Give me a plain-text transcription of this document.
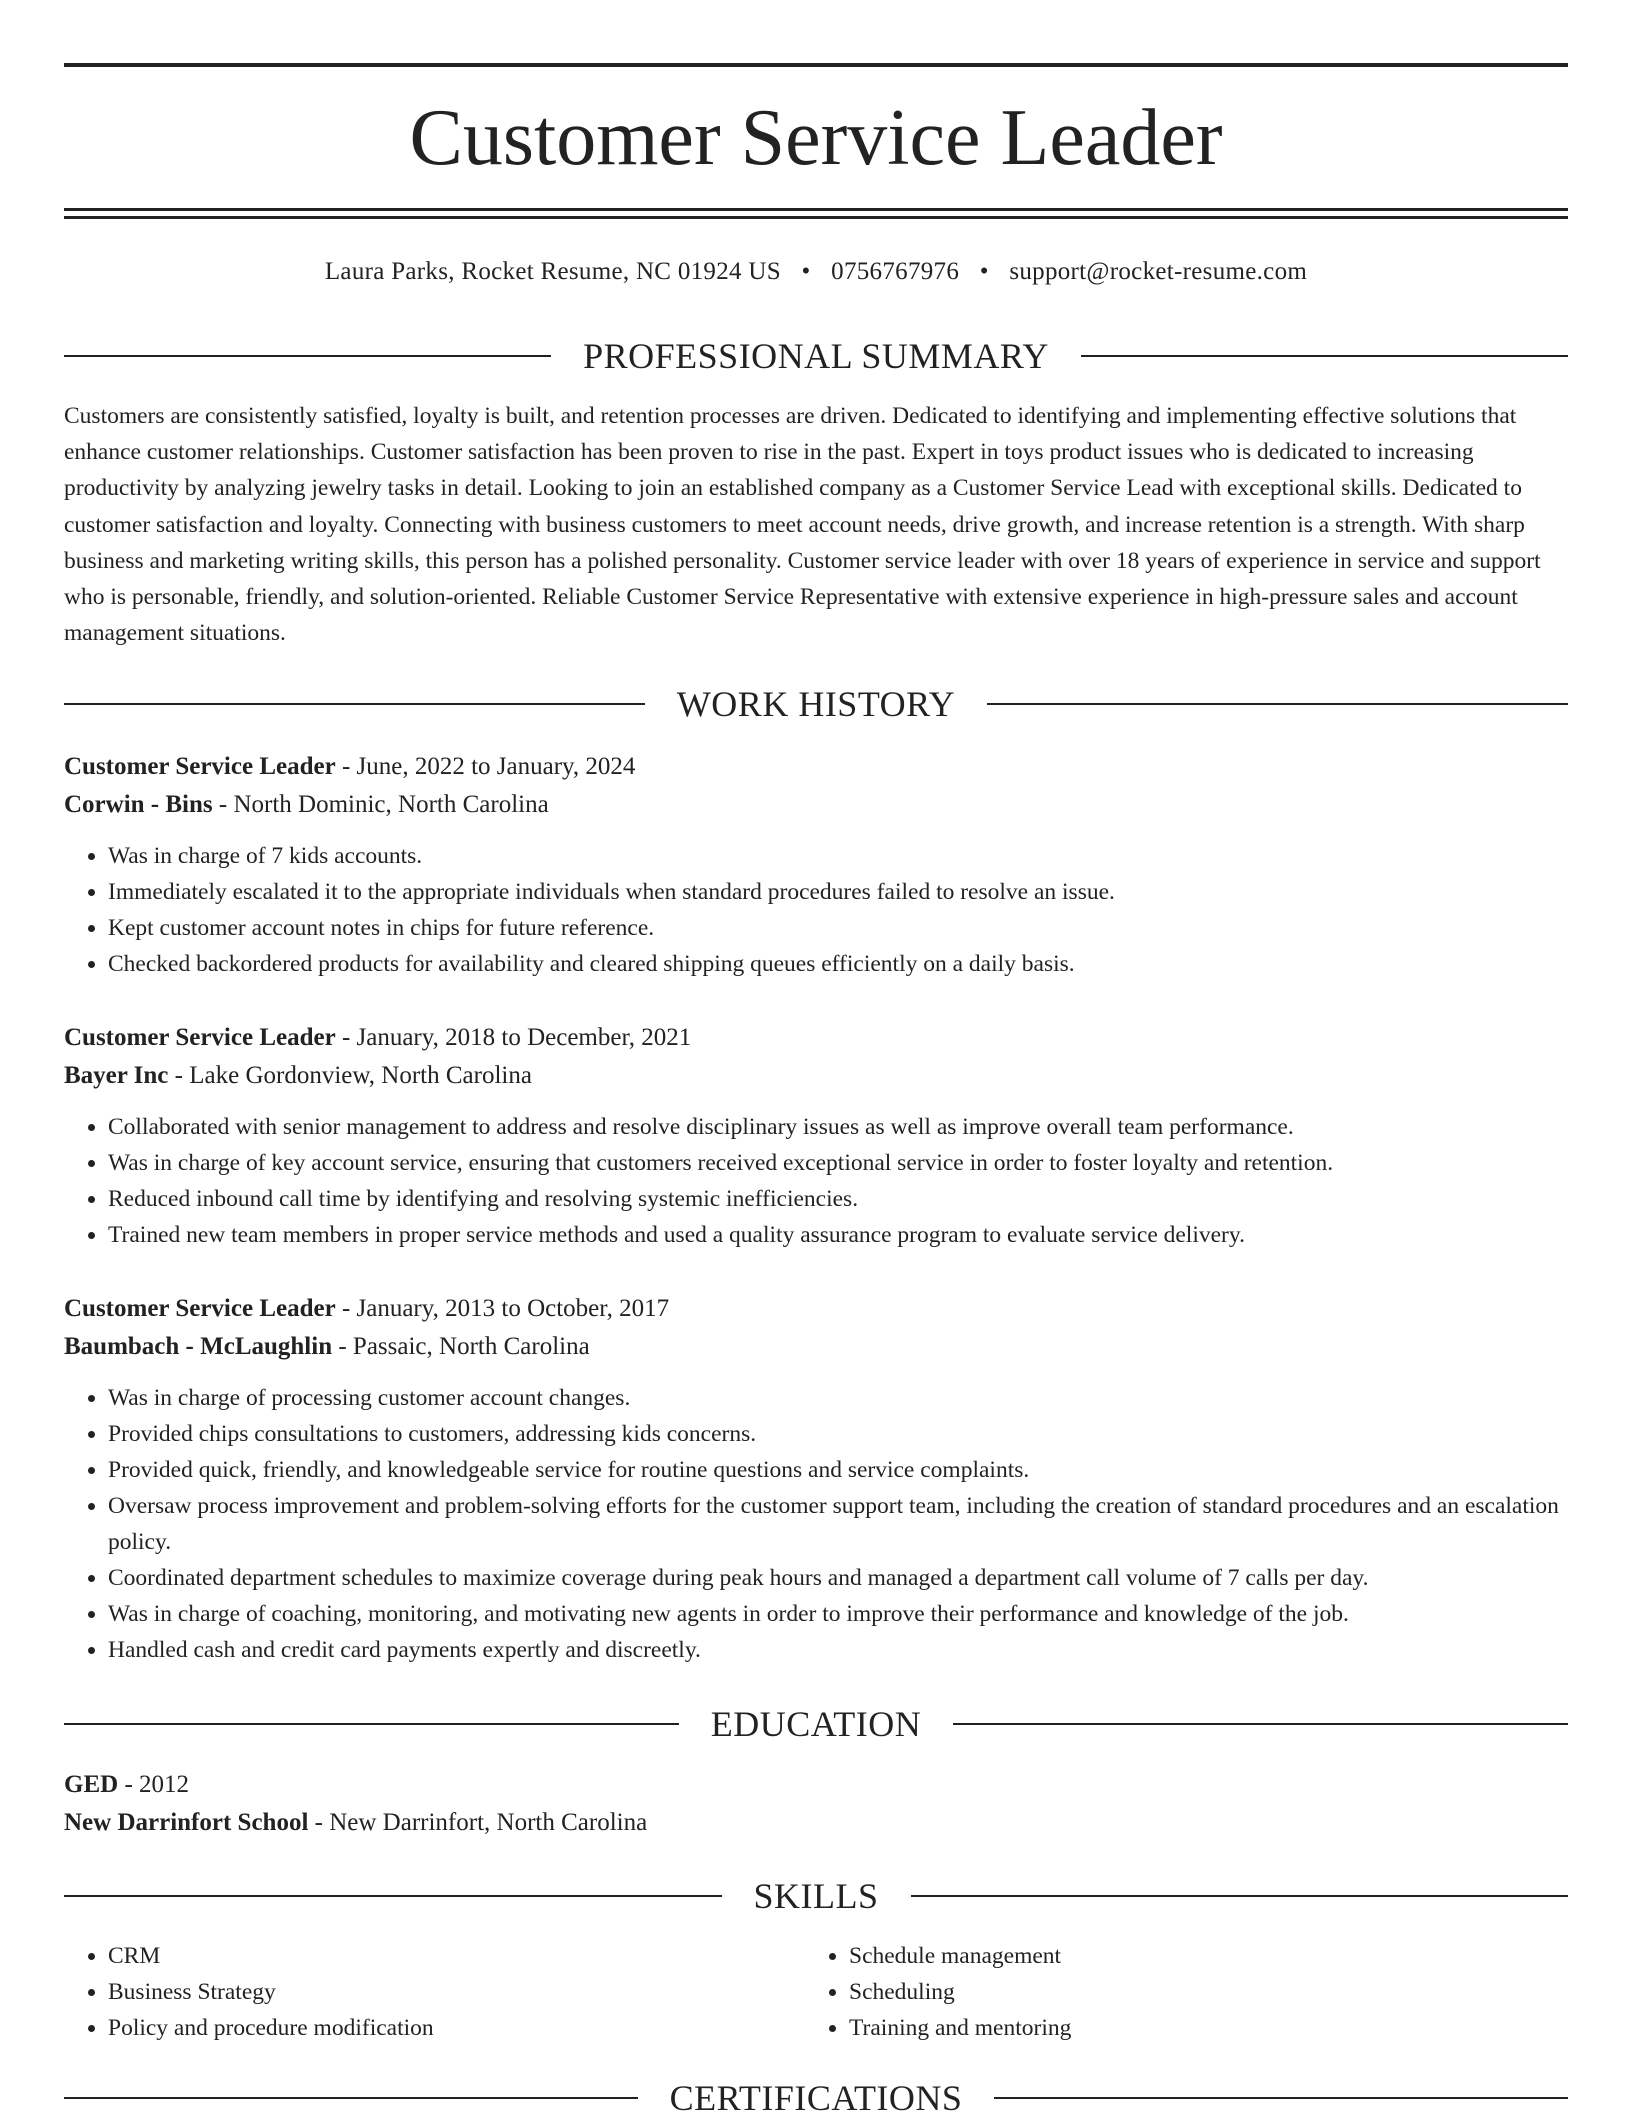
Customer Service Leader
Laura Parks, Rocket Resume, NC 01924 US • 0756767976 • support@rocket-resume.com
PROFESSIONAL SUMMARY

Customers are consistently satisfied, loyalty is built, and retention processes are driven. Dedicated to identifying and implementing effective solutions that enhance customer relationships. Customer satisfaction has been proven to rise in the past. Expert in toys product issues who is dedicated to increasing productivity by analyzing jewelry tasks in detail. Looking to join an established company as a Customer Service Lead with exceptional skills. Dedicated to customer satisfaction and loyalty. Connecting with business customers to meet account needs, drive growth, and increase retention is a strength. With sharp business and marketing writing skills, this person has a polished personality. Customer service leader with over 18 years of experience in service and support who is personable, friendly, and solution-oriented. Reliable Customer Service Representative with extensive experience in high-pressure sales and account management situations.

WORK HISTORY
Customer Service Leader - June, 2022 to January, 2024
Corwin - Bins - North Dominic, North Carolina
• Was in charge of 7 kids accounts.
• Immediately escalated it to the appropriate individuals when standard procedures failed to resolve an issue.
• Kept customer account notes in chips for future reference.
• Checked backordered products for availability and cleared shipping queues efficiently on a daily basis.
Customer Service Leader - January, 2018 to December, 2021
Bayer Inc - Lake Gordonview, North Carolina
• Collaborated with senior management to address and resolve disciplinary issues as well as improve overall team performance.
• Was in charge of key account service, ensuring that customers received exceptional service in order to foster loyalty and retention.
• Reduced inbound call time by identifying and resolving systemic inefficiencies.
• Trained new team members in proper service methods and used a quality assurance program to evaluate service delivery.
Customer Service Leader - January, 2013 to October, 2017
Baumbach - McLaughlin - Passaic, North Carolina
• Was in charge of processing customer account changes.
• Provided chips consultations to customers, addressing kids concerns.
• Provided quick, friendly, and knowledgeable service for routine questions and service complaints.
• Oversaw process improvement and problem-solving efforts for the customer support team, including the creation of standard procedures and an escalation policy.
• Coordinated department schedules to maximize coverage during peak hours and managed a department call volume of 7 calls per day.
• Was in charge of coaching, monitoring, and motivating new agents in order to improve their performance and knowledge of the job.
• Handled cash and credit card payments expertly and discreetly.
EDUCATION
GED - 2012
New Darrinfort School - New Darrinfort, North Carolina
SKILLS
• CRM
• Business Strategy
• Policy and procedure modification
• Schedule management
• Scheduling
• Training and mentoring
CERTIFICATIONS
